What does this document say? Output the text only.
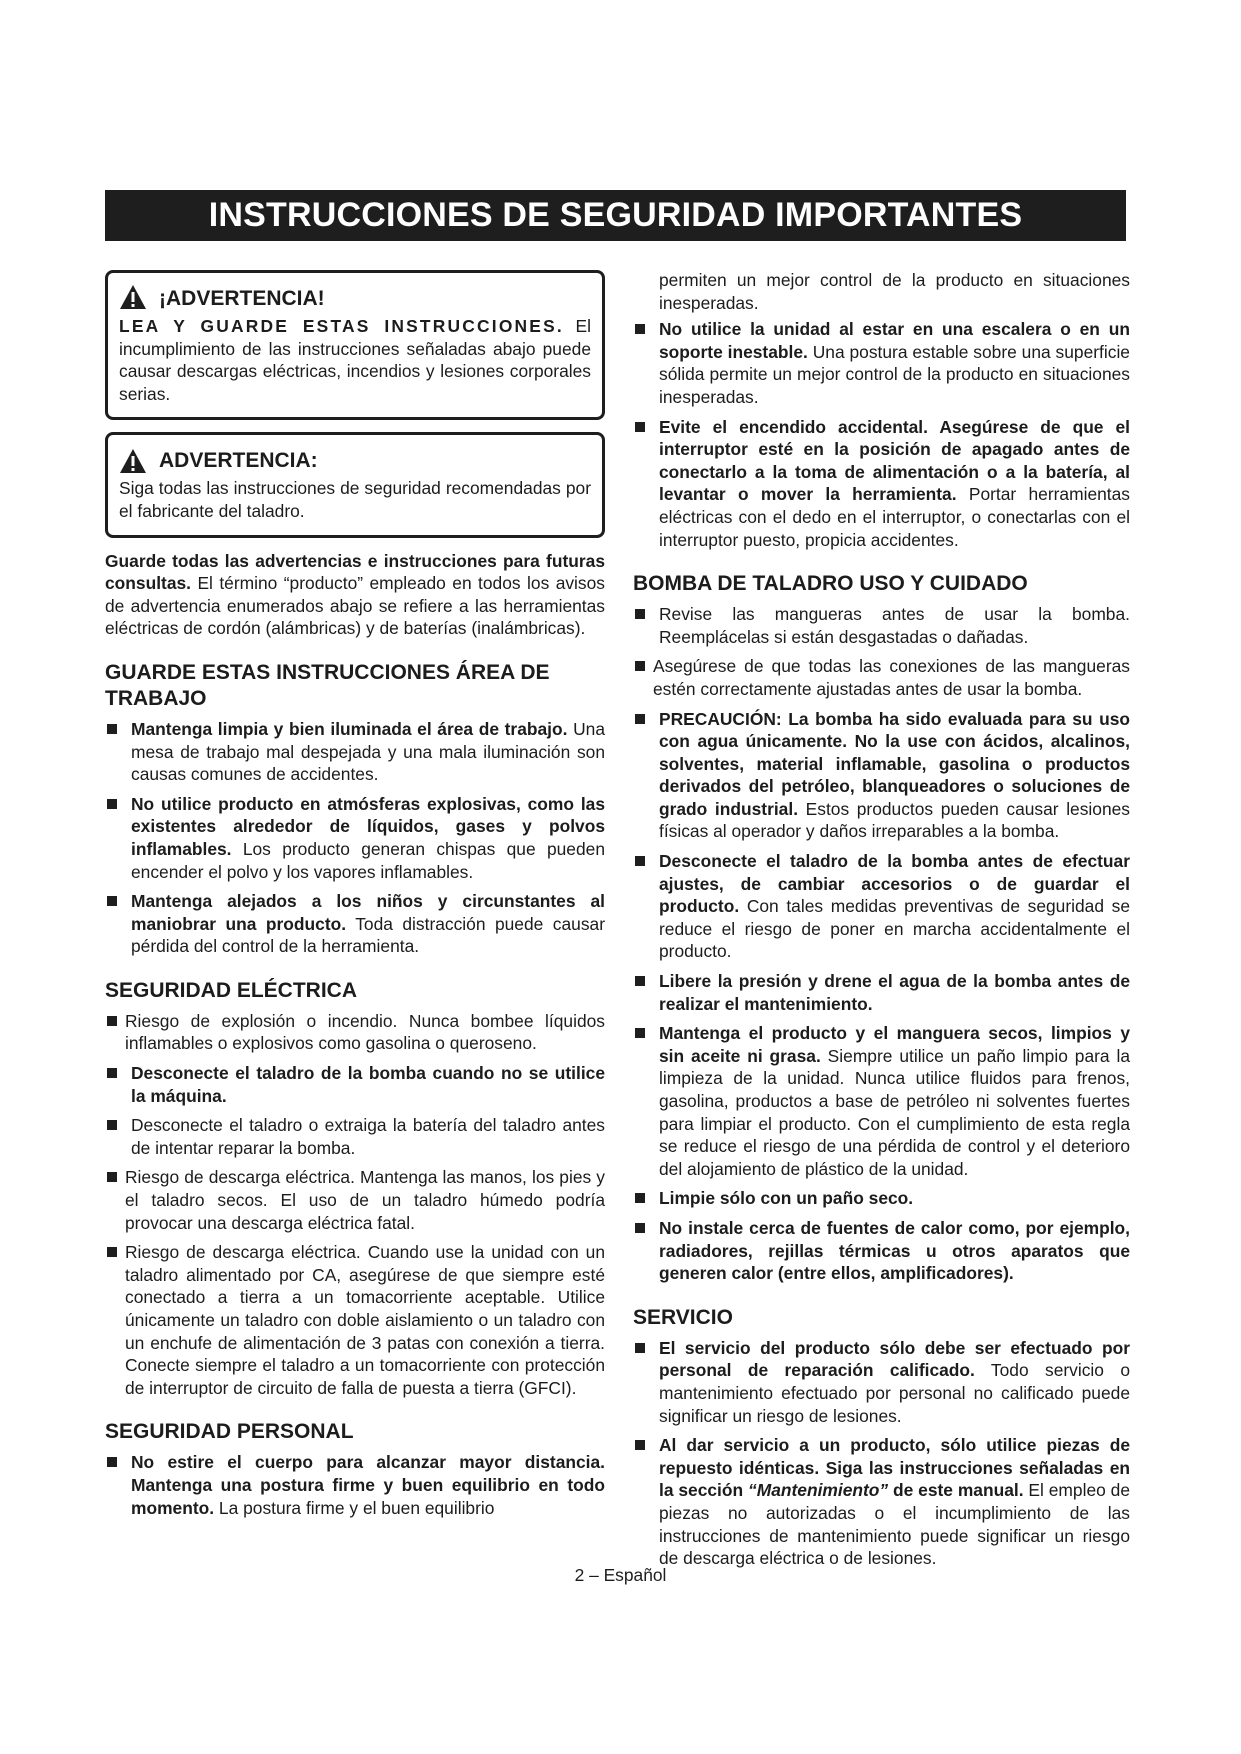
INSTRUCCIONES DE SEGURIDAD IMPORTANTES
¡ADVERTENCIA!

LEA Y GUARDE ESTAS INSTRUCCIONES. El incumplimiento de las instrucciones señaladas abajo puede causar descargas eléctricas, incendios y lesiones corporales serias.

ADVERTENCIA:

Siga todas las instrucciones de seguridad recomendadas por el fabricante del taladro.

Guarde todas las advertencias e instrucciones para futuras consultas. El término “producto” empleado en todos los avisos de advertencia enumerados abajo se refiere a las herramientas eléctricas de cordón (alámbricas) y de baterías (inalámbricas).

GUARDE ESTAS INSTRUCCIONES ÁREA DE TRABAJO
Mantenga limpia y bien iluminada el área de trabajo. Una mesa de trabajo mal despejada y una mala iluminación son causas comunes de accidentes.
No utilice producto en atmósferas explosivas, como las existentes alrededor de líquidos, gases y polvos inflamables. Los producto generan chispas que pueden encender el polvo y los vapores inflamables.
Mantenga alejados a los niños y circunstantes al maniobrar una producto. Toda distracción puede causar pérdida del control de la herramienta.
SEGURIDAD ELÉCTRICA
Riesgo de explosión o incendio. Nunca bombee líquidos inflamables o explosivos como gasolina o queroseno.
Desconecte el taladro de la bomba cuando no se utilice la máquina.
Desconecte el taladro o extraiga la batería del taladro antes de intentar reparar la bomba.
Riesgo de descarga eléctrica. Mantenga las manos, los pies y el taladro secos. El uso de un taladro húmedo podría provocar una descarga eléctrica fatal.
Riesgo de descarga eléctrica. Cuando use la unidad con un taladro alimentado por CA, asegúrese de que siempre esté conectado a tierra a un tomacorriente aceptable. Utilice únicamente un taladro con doble aislamiento o un taladro con un enchufe de alimentación de 3 patas con conexión a tierra. Conecte siempre el taladro a un tomacorriente con protección de interruptor de circuito de falla de puesta a tierra (GFCI).
SEGURIDAD PERSONAL
No estire el cuerpo para alcanzar mayor distancia. Mantenga una postura firme y buen equilibrio en todo momento. La postura firme y el buen equilibrio

permiten un mejor control de la producto en situaciones inesperadas.

No utilice la unidad al estar en una escalera o en un soporte inestable. Una postura estable sobre una superficie sólida permite un mejor control de la producto en situaciones inesperadas.
Evite el encendido accidental. Asegúrese de que el interruptor esté en la posición de apagado antes de conectarlo a la toma de alimentación o a la batería, al levantar o mover la herramienta. Portar herramientas eléctricas con el dedo en el interruptor, o conectarlas con el interruptor puesto, propicia accidentes.
BOMBA DE TALADRO USO Y CUIDADO
Revise las mangueras antes de usar la bomba. Reemplácelas si están desgastadas o dañadas.
Asegúrese de que todas las conexiones de las mangueras estén correctamente ajustadas antes de usar la bomba.
PRECAUCIÓN: La bomba ha sido evaluada para su uso con agua únicamente. No la use con ácidos, alcalinos, solventes, material inflamable, gasolina o productos derivados del petróleo, blanqueadores o soluciones de grado industrial. Estos productos pueden causar lesiones físicas al operador y daños irreparables a la bomba.
Desconecte el taladro de la bomba antes de efectuar ajustes, de cambiar accesorios o de guardar el producto. Con tales medidas preventivas de seguridad se reduce el riesgo de poner en marcha accidentalmente el producto.
Libere la presión y drene el agua de la bomba antes de realizar el mantenimiento.
Mantenga el producto y el manguera secos, limpios y sin aceite ni grasa. Siempre utilice un paño limpio para la limpieza de la unidad. Nunca utilice fluidos para frenos, gasolina, productos a base de petróleo ni solventes fuertes para limpiar el producto. Con el cumplimiento de esta regla se reduce el riesgo de una pérdida de control y el deterioro del alojamiento de plástico de la unidad.
Limpie sólo con un paño seco.
No instale cerca de fuentes de calor como, por ejemplo, radiadores, rejillas térmicas u otros aparatos que generen calor (entre ellos, amplificadores).
SERVICIO
El servicio del producto sólo debe ser efectuado por personal de reparación calificado. Todo servicio o mantenimiento efectuado por personal no calificado puede significar un riesgo de lesiones.
Al dar servicio a un producto, sólo utilice piezas de repuesto idénticas. Siga las instrucciones señaladas en la sección “Mantenimiento” de este manual. El empleo de piezas no autorizadas o el incumplimiento de las instrucciones de mantenimiento puede significar un riesgo de descarga eléctrica o de lesiones.
2 – Español
